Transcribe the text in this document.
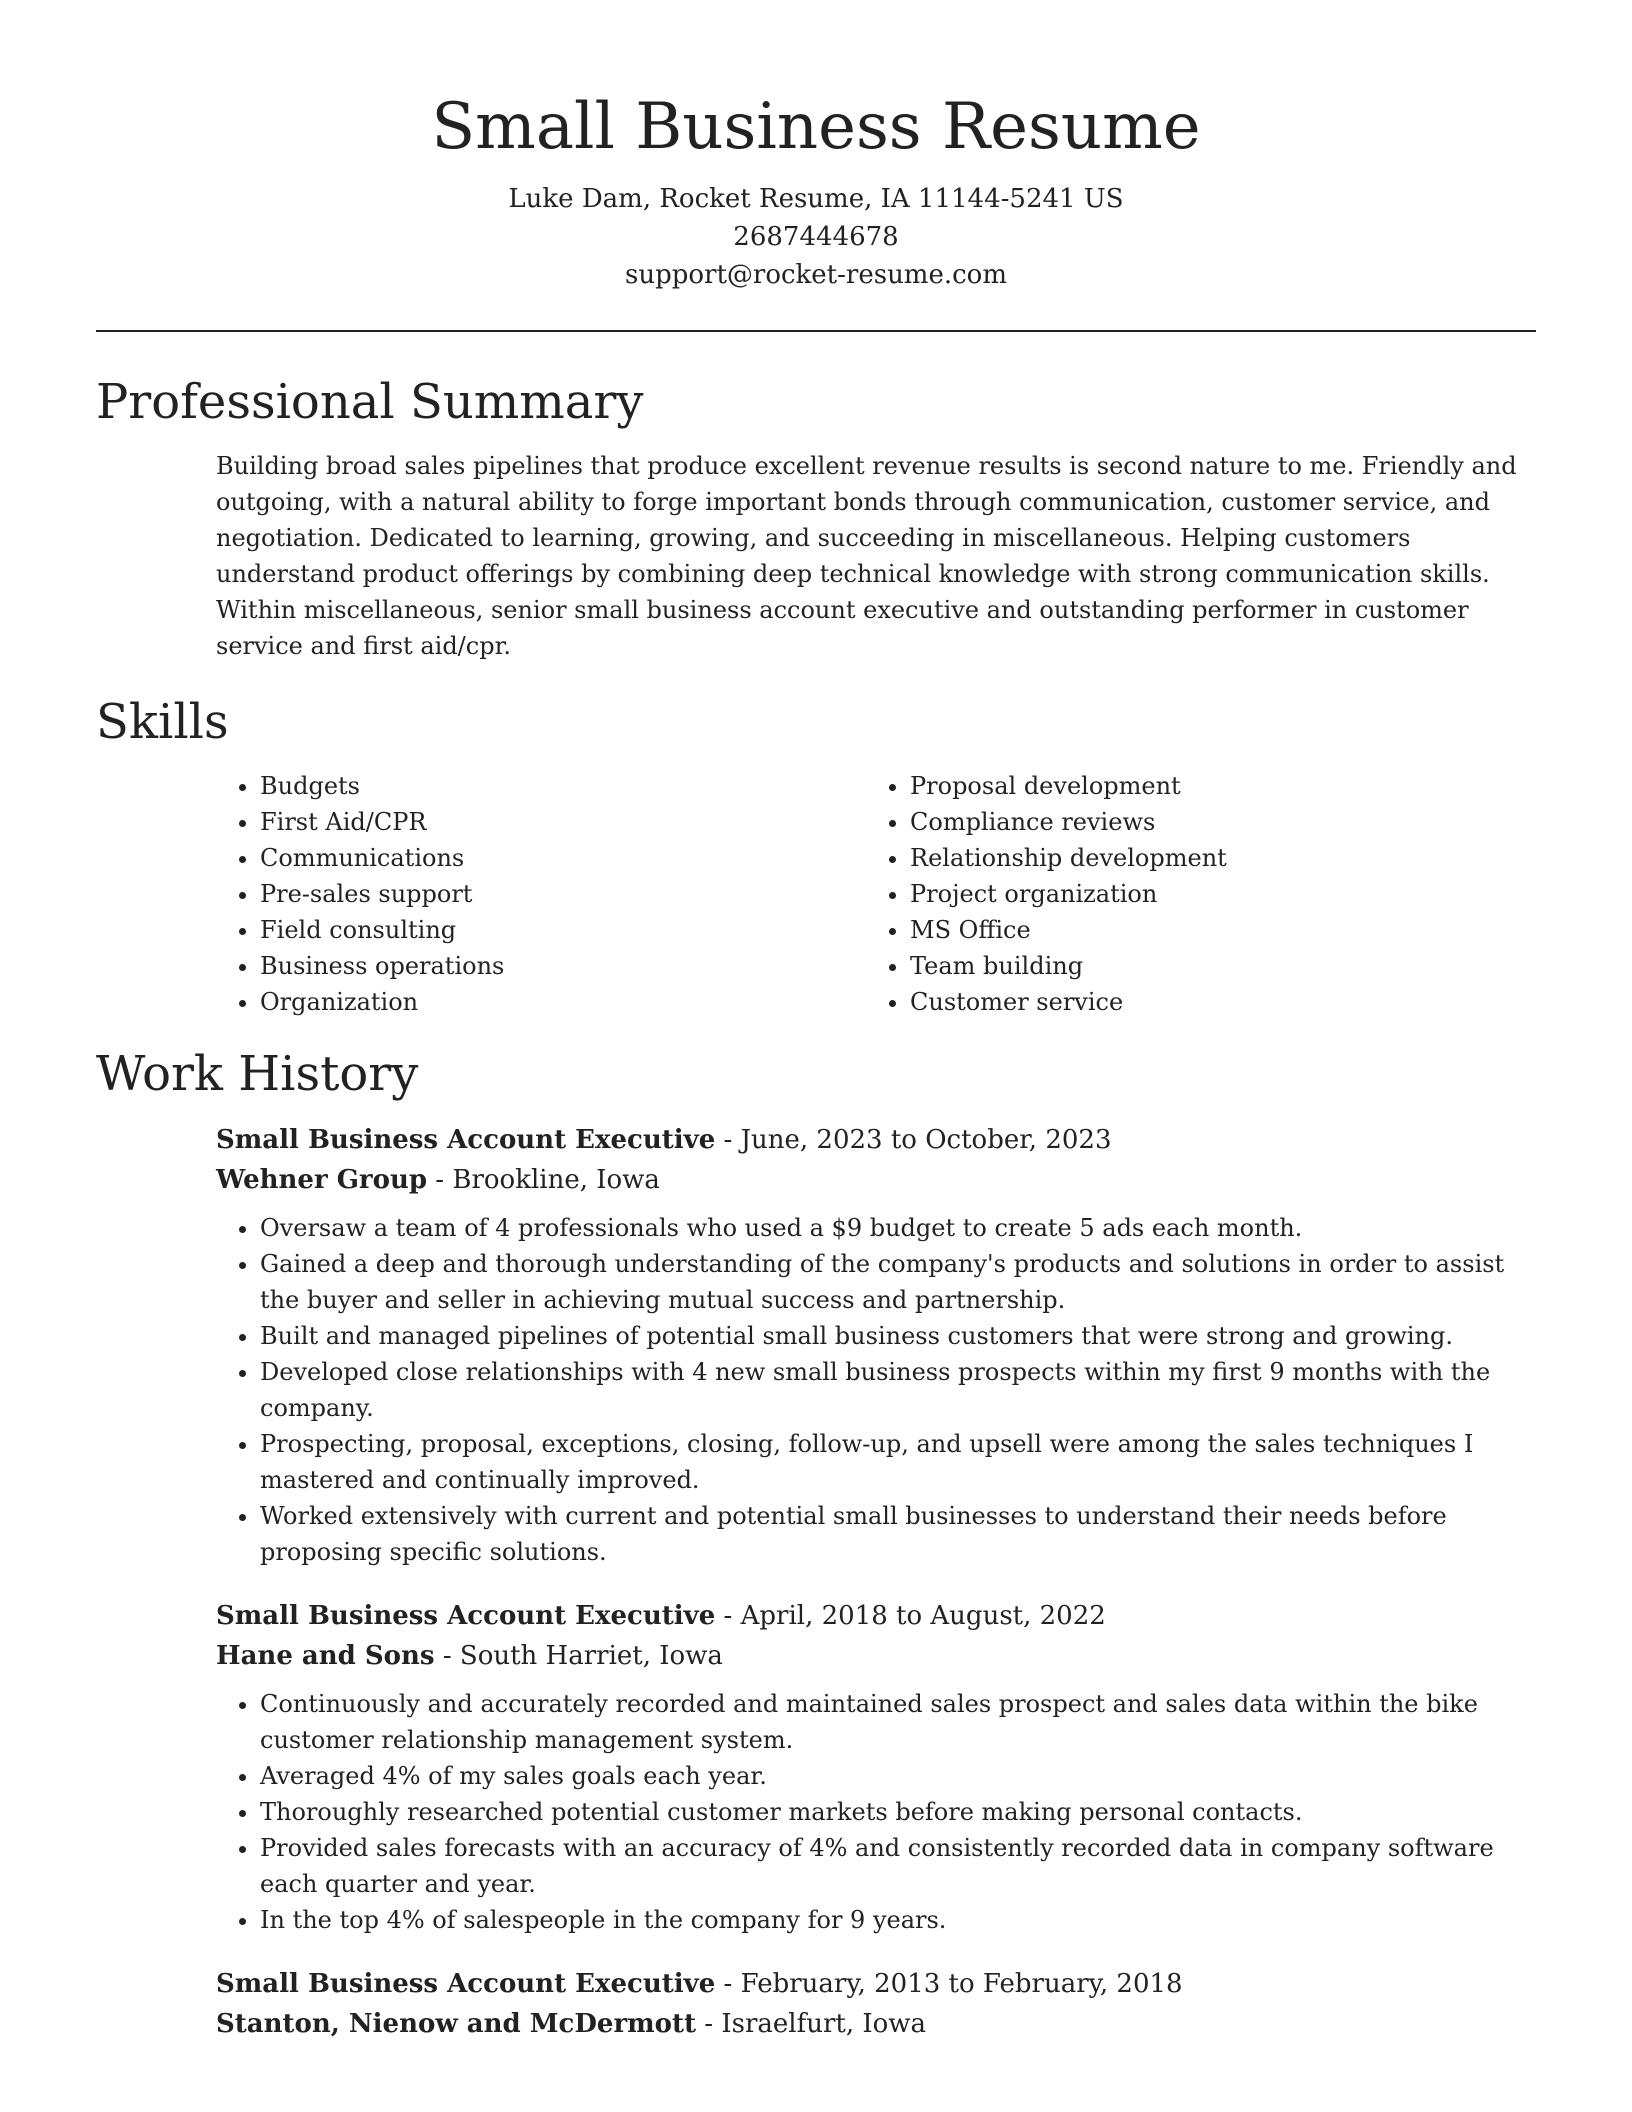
Small Business Resume

Luke Dam, Rocket Resume, IA 11144-5241 US

2687444678

support@rocket-resume.com

Professional Summary

Building broad sales pipelines that produce excellent revenue results is second nature to me. Friendly and outgoing, with a natural ability to forge important bonds through communication, customer service, and negotiation. Dedicated to learning, growing, and succeeding in miscellaneous. Helping customers understand product offerings by combining deep technical knowledge with strong communication skills. Within miscellaneous, senior small business account executive and outstanding performer in customer service and first aid/cpr.

Skills
• Budgets
• First Aid/CPR
• Communications
• Pre-sales support
• Field consulting
• Business operations
• Organization
• Proposal development
• Compliance reviews
• Relationship development
• Project organization
• MS Office
• Team building
• Customer service
Work History

Small Business Account Executive - June, 2023 to October, 2023

Wehner Group - Brookline, Iowa

• Oversaw a team of 4 professionals who used a $9 budget to create 5 ads each month.
• Gained a deep and thorough understanding of the company's products and solutions in order to assist the buyer and seller in achieving mutual success and partnership.
• Built and managed pipelines of potential small business customers that were strong and growing.
• Developed close relationships with 4 new small business prospects within my first 9 months with the company.
• Prospecting, proposal, exceptions, closing, follow-up, and upsell were among the sales techniques I mastered and continually improved.
• Worked extensively with current and potential small businesses to understand their needs before proposing specific solutions.

Small Business Account Executive - April, 2018 to August, 2022

Hane and Sons - South Harriet, Iowa

• Continuously and accurately recorded and maintained sales prospect and sales data within the bike customer relationship management system.
• Averaged 4% of my sales goals each year.
• Thoroughly researched potential customer markets before making personal contacts.
• Provided sales forecasts with an accuracy of 4% and consistently recorded data in company software each quarter and year.
• In the top 4% of salespeople in the company for 9 years.

Small Business Account Executive - February, 2013 to February, 2018

Stanton, Nienow and McDermott - Israelfurt, Iowa
